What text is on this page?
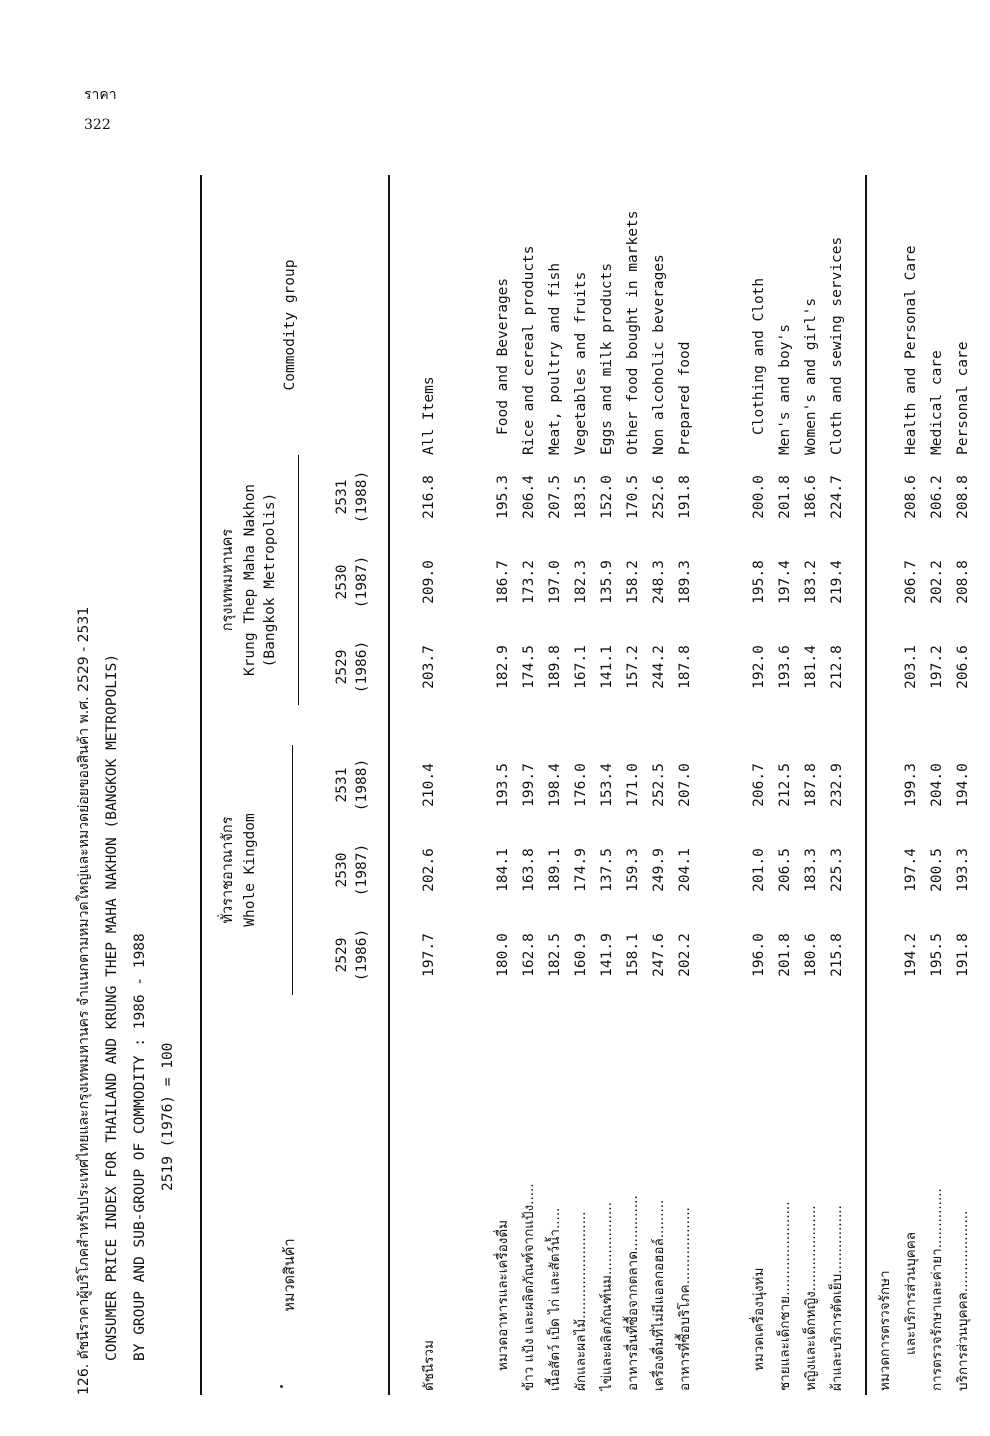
ราคา
322
126. ดัชนีราคาผู้บริโภคสำหรับประเทศไทยและกรุงเทพมหานคร จำแนกตามหมวดใหญ่และหมวดย่อยของสินค้า พ.ศ. 2529 - 2531 CONSUMER PRICE INDEX FOR THAILAND AND KRUNG THEP MAHA NAKHON (BANGKOK METROPOLIS) BY GROUP AND SUB-GROUP OF COMMODITY : 1986 - 1988 2519 (1976) = 100
หมวดสินค้า
ทั่วราชอาณาจักร Whole Kingdom
กรุงเทพมหานคร Krung Thep Maha Nakhon (Bangkok Metropolis)
Commodity group
2529 (1986)
2530 (1987)
2531 (1988)
2529 (1986)
2530 (1987)
2531 (1988)
ดัชนีรวม
197.7
202.6
210.4
203.7
209.0
216.8
All Items
หมวดอาหารและเครื่องดื่ม
180.0
184.1
193.5
182.9
186.7
195.3
Food and Beverages
ข้าว แป้ง และผลิตภัณฑ์จากแป้ง.....
162.8
163.8
199.7
174.5
173.2
206.4
Rice and cereal products
เนื้อสัตว์ เป็ด ไก่ และสัตว์น้ำ.....
182.5
189.1
198.4
189.8
197.0
207.5
Meat, poultry and fish
ผักและผลไม้.........................
160.9
174.9
176.0
167.1
182.3
183.5
Vegetables and fruits
ไข่และผลิตภัณฑ์นม.................
141.9
137.5
153.4
141.1
135.9
152.0
Eggs and milk products
อาหารอื่นที่ซื้อจากตลาด.............
158.1
159.3
171.0
157.2
158.2
170.5
Other food bought in markets
เครื่องดื่มที่ไม่มีแอลกอฮอล์.........
247.6
249.9
252.5
244.2
248.3
252.6
Non alcoholic beverages
อาหารที่ซื้อบริโภค..................
202.2
204.1
207.0
187.8
189.3
191.8
Prepared food
หมวดเครื่องนุ่งห่ม
196.0
201.0
206.7
192.0
195.8
200.0
Clothing and Cloth
ชายและเด็กชาย......................
201.8
206.5
212.5
193.6
197.4
201.8
Men's and boy's
หญิงและเด็กหญิง....................
180.6
183.3
187.8
181.4
183.2
186.6
Women's and girl's
ผ้าและบริการตัดเย็บ................
215.8
225.3
232.9
212.8
219.4
224.7
Cloth and sewing services
และบริการส่วนบุคคล
หมวดการตรวจรักษา
194.2
197.4
199.3
203.1
206.7
208.6
Health and Personal Care
การตรวจรักษาและค่ายา..............
195.5
200.5
204.0
197.2
202.2
206.2
Medical care
บริการส่วนบุคคล...................
191.8
193.3
194.0
206.6
208.8
208.8
Personal care
